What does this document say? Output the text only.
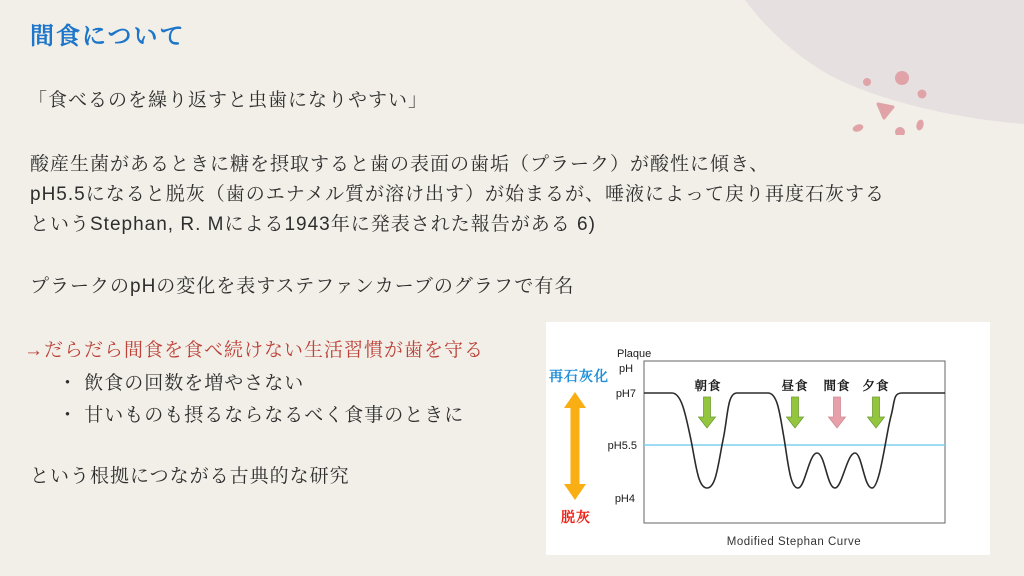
間食について
「食べるのを繰り返すと虫歯になりやすい」
酸産生菌があるときに糖を摂取すると歯の表面の歯垢（プラーク）が酸性に傾き、
pH5.5になると脱灰（歯のエナメル質が溶け出す）が始まるが、唾液によって戻り再度石灰する
というStephan, R. Mによる1943年に発表された報告がある 6)
プラークのpHの変化を表すステファンカーブのグラフで有名
→だらだら間食を食べ続けない生活習慣が歯を守る
・ 飲食の回数を増やさない
・ 甘いものも摂るならなるべく食事のときに
という根拠につながる古典的な研究
再石灰化
脱灰
Plaque
pH
pH7
pH5.5
pH4
朝食	昼食 間食 夕食
Modified Stephan Curve
